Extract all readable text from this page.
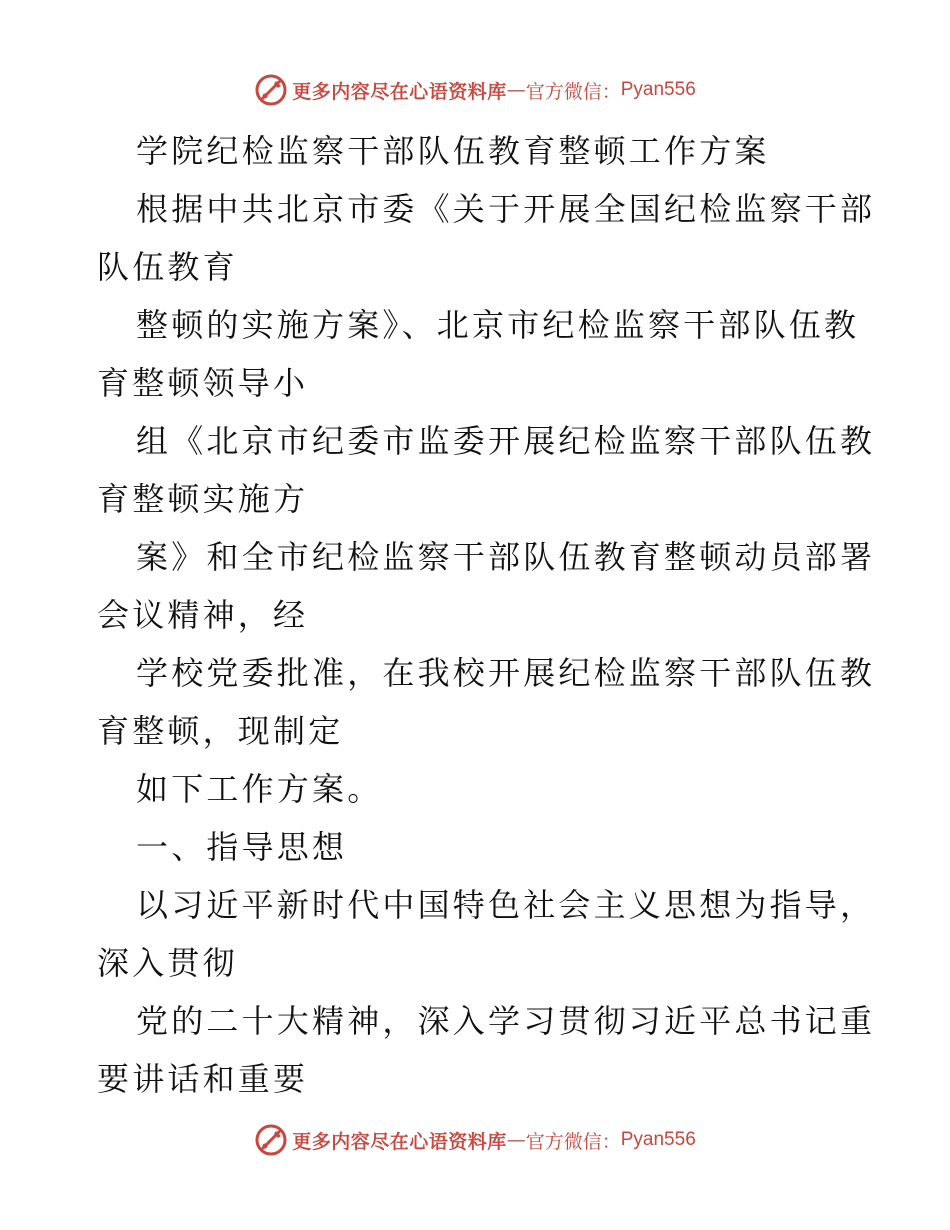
更多内容尽在心语资料库 — 官方微信： Pyan556
学院纪检监察干部队伍教育整顿工作方案
根据中共北京市委《关于开展全国纪检监察干部
队伍教育
整顿的实施方案》、北京市纪检监察干部队伍教
育整顿领导小
组《北京市纪委市监委开展纪检监察干部队伍教
育整顿实施方
案》和全市纪检监察干部队伍教育整顿动员部署
会议精神，经
学校党委批准，在我校开展纪检监察干部队伍教
育整顿，现制定
如下工作方案。
一、指导思想
以习近平新时代中国特色社会主义思想为指导，
深入贯彻
党的二十大精神，深入学习贯彻习近平总书记重
要讲话和重要
更多内容尽在心语资料库 — 官方微信： Pyan556
